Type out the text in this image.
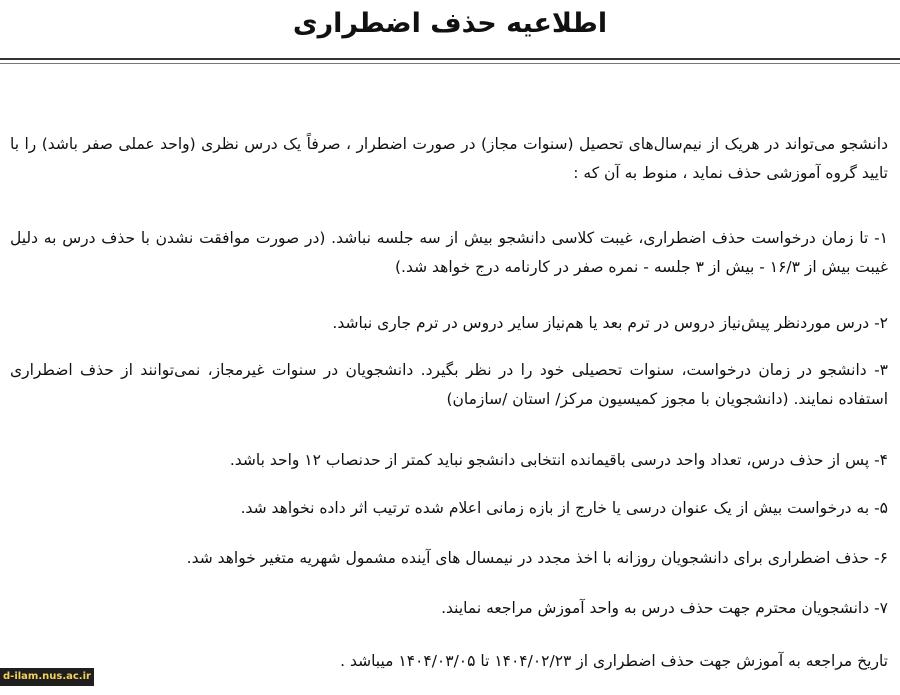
اطلاعیه حذف اضطراری

دانشجو می‌تواند در هریک از نیم‌سال‌های تحصیل (سنوات مجاز) در صورت اضطرار ، صرفاً یک درس نظری (واحد عملی صفر باشد) را با تایید گروه آموزشی حذف نماید ، منوط به آن که :

۱- تا زمان درخواست حذف اضطراری، غیبت کلاسی دانشجو بیش از سه جلسه نباشد. (در صورت موافقت نشدن با حذف درس به دلیل غیبت بیش از ۱۶/۳ - بیش از ۳ جلسه - نمره صفر در کارنامه درج خواهد شد.)

۲- درس موردنظر پیش‌نیاز دروس در ترم بعد یا هم‌نیاز سایر دروس در ترم جاری نباشد.

۳- دانشجو در زمان درخواست، سنوات تحصیلی خود را در نظر بگیرد. دانشجویان در سنوات غیرمجاز، نمی‌توانند از حذف اضطراری استفاده نمایند. (دانشجویان با مجوز کمیسیون مرکز/ استان /سازمان)

۴- پس از حذف درس، تعداد واحد درسی باقیمانده انتخابی دانشجو نباید کمتر از حدنصاب ۱۲ واحد باشد.

۵- به درخواست بیش از یک عنوان درسی یا خارج از بازه زمانی اعلام شده ترتیب اثر داده نخواهد شد.

۶- حذف اضطراری برای دانشجویان روزانه با اخذ مجدد در نیمسال های آینده مشمول شهریه متغیر خواهد شد.

۷- دانشجویان محترم جهت حذف درس به واحد آموزش مراجعه نمایند.

تاریخ مراجعه به آموزش جهت حذف اضطراری از ۱۴۰۴/۰۲/۲۳ تا ۱۴۰۴/۰۳/۰۵ میباشد .

d-ilam.nus.ac.ir
